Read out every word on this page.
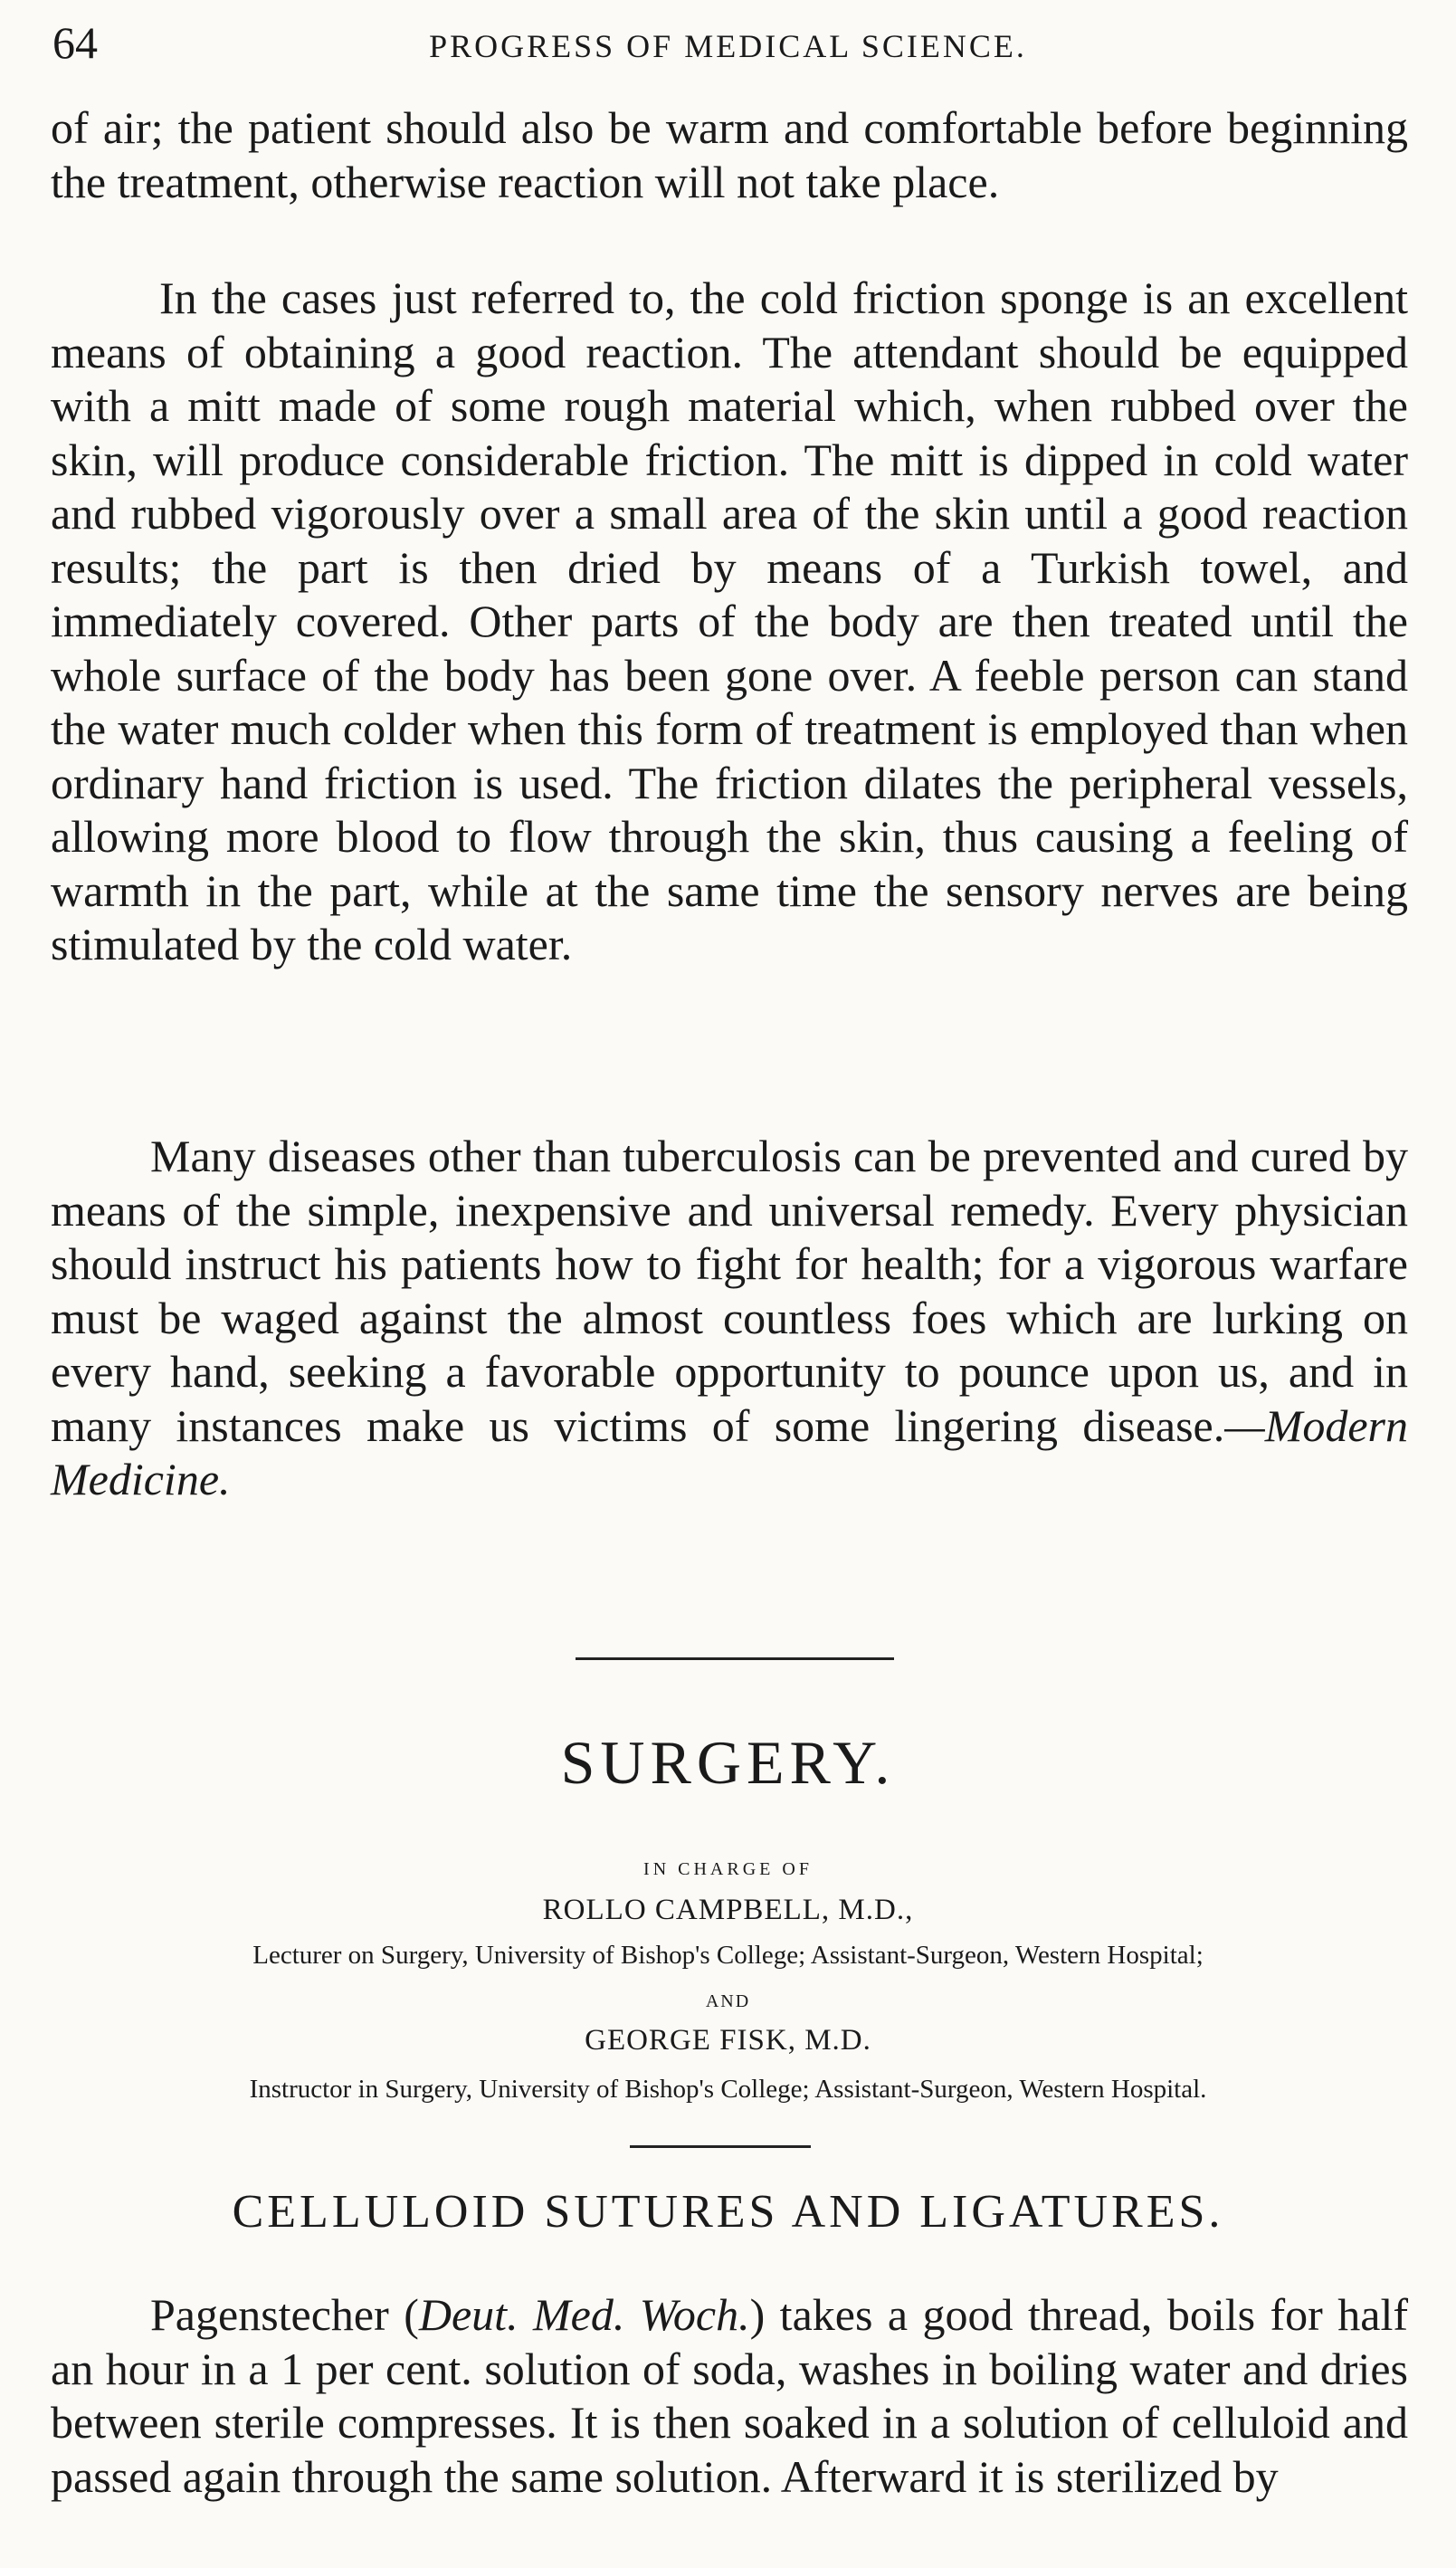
64	PROGRESS OF MEDICAL SCIENCE.

of air; the patient should also be warm and comfortable before beginning the treatment, otherwise reaction will not take place.

In the cases just referred to, the cold friction sponge is an excellent means of obtaining a good reaction. The attendant should be equipped with a mitt made of some rough material which, when rubbed over the skin, will produce considerable friction. The mitt is dipped in cold water and rubbed vigorously over a small area of the skin until a good reaction results; the part is then dried by means of a Turkish towel, and immediately covered. Other parts of the body are then treated until the whole surface of the body has been gone over. A feeble person can stand the water much colder when this form of treatment is employed than when ordinary hand friction is used. The friction dilates the peripheral vessels, allowing more blood to flow through the skin, thus causing a feeling of warmth in the part, while at the same time the sensory nerves are being stimulated by the cold water.

Many diseases other than tuberculosis can be prevented and cured by means of the simple, inexpensive and universal remedy. Every physician should instruct his patients how to fight for health; for a vigorous warfare must be waged against the almost countless foes which are lurking on every hand, seeking a favorable opportunity to pounce upon us, and in many instances make us victims of some lingering disease.—Modern Medicine.

SURGERY.
IN CHARGE OF
ROLLO CAMPBELL, M.D.,
Lecturer on Surgery, University of Bishop's College; Assistant-Surgeon, Western Hospital;
AND
GEORGE FISK, M.D.
Instructor in Surgery, University of Bishop's College; Assistant-Surgeon, Western Hospital.
CELLULOID SUTURES AND LIGATURES.

Pagenstecher (Deut. Med. Woch.) takes a good thread, boils for half an hour in a 1 per cent. solution of soda, washes in boiling water and dries between sterile compresses. It is then soaked in a solution of celluloid and passed again through the same solution. Afterward it is sterilized by
